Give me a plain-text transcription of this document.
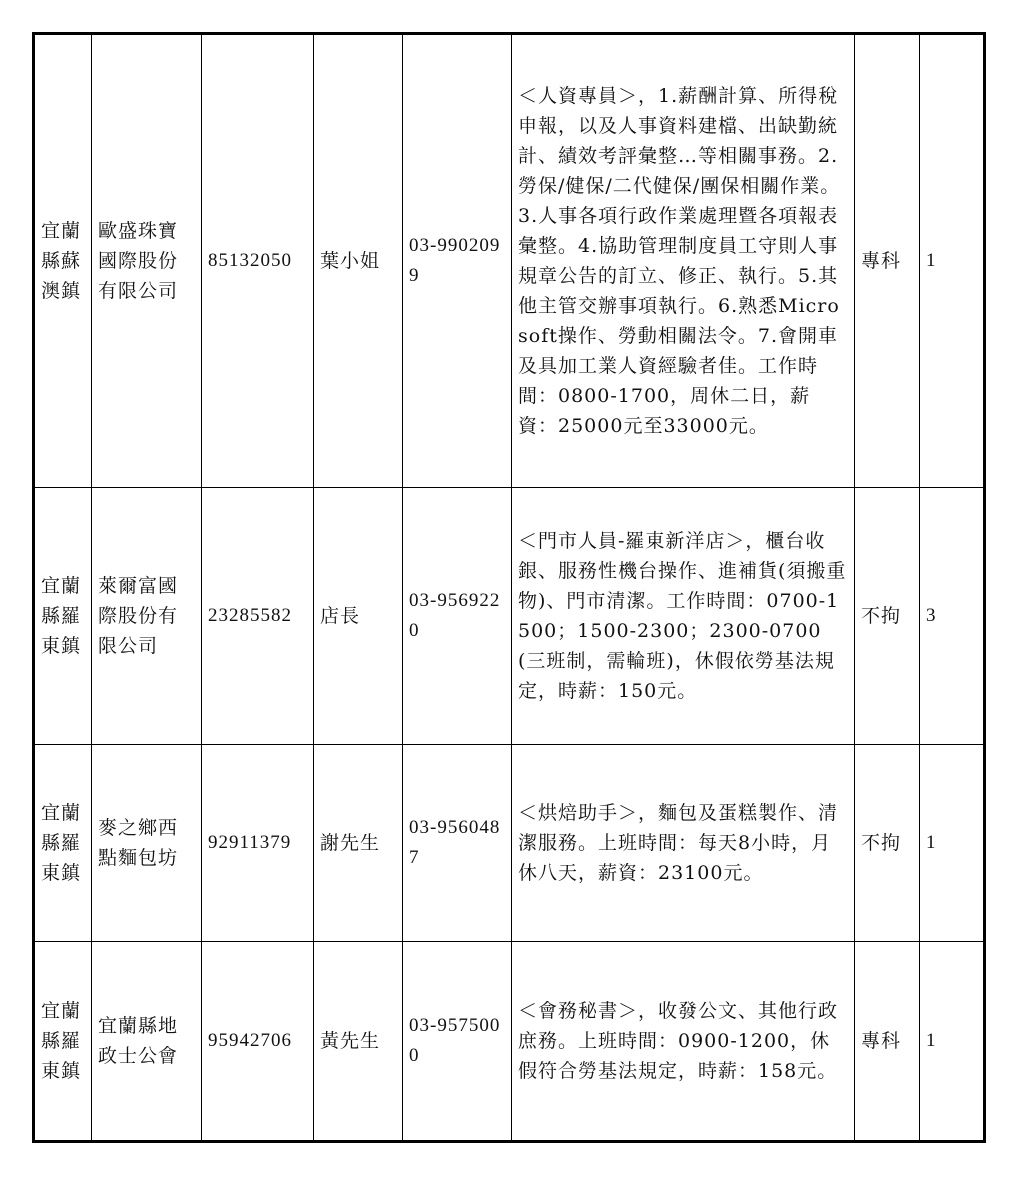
宜蘭縣蘇澳鎮	歐盛珠寶國際股份有限公司	85132050	葉小姐	03-9902099	＜人資專員＞，1.薪酬計算、所得稅申報，以及人事資料建檔、出缺勤統計、績效考評彙整…等相關事務。2.勞保/健保/二代健保/團保相關作業。3.人事各項行政作業處理暨各項報表彙整。4.協助管理制度員工守則人事規章公告的訂立、修正、執行。5.其他主管交辦事項執行。6.熟悉Microsoft操作、勞動相關法令。7.會開車及具加工業人資經驗者佳。工作時間：0800-1700，周休二日，薪資：25000元至33000元。	專科	1
宜蘭縣羅東鎮	萊爾富國際股份有限公司	23285582	店長	03-9569220	＜門市人員-羅東新洋店＞，櫃台收銀、服務性機台操作、進補貨(須搬重物)、門市清潔。工作時間：0700-1500；1500-2300；2300-0700(三班制，需輪班)，休假依勞基法規定，時薪：150元。	不拘	3
宜蘭縣羅東鎮	麥之鄉西點麵包坊	92911379	謝先生	03-9560487	＜烘焙助手＞，麵包及蛋糕製作、清潔服務。上班時間：每天8小時，月休八天，薪資：23100元。	不拘	1
宜蘭縣羅東鎮	宜蘭縣地政士公會	95942706	黃先生	03-9575000	＜會務秘書＞，收發公文、其他行政庶務。上班時間：0900-1200，休假符合勞基法規定，時薪：158元。	專科	1
